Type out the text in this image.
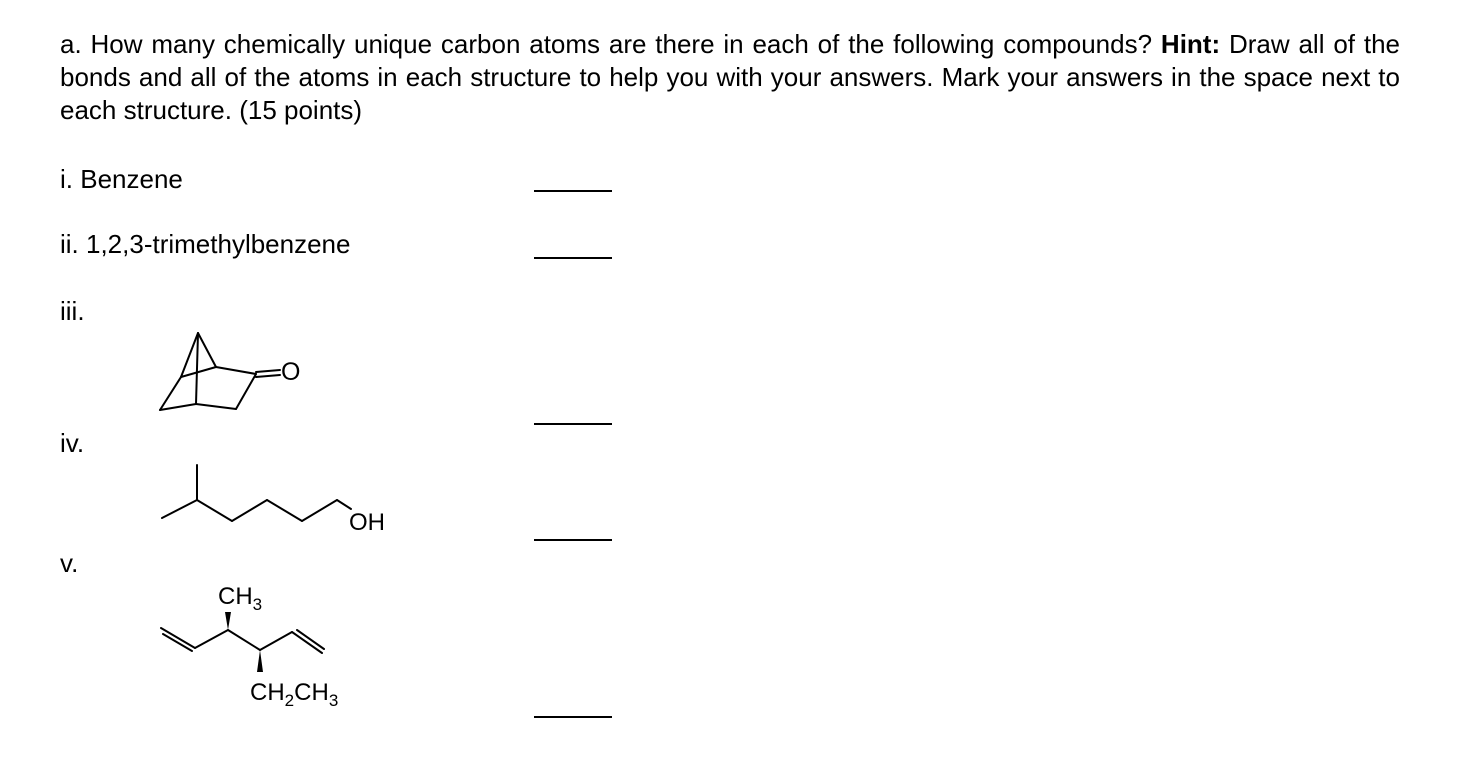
a. How many chemically unique carbon atoms are there in each of the following compounds? Hint: Draw all of the bonds and all of the atoms in each structure to help you with your answers. Mark your answers in the space next to each structure. (15 points)
i. Benzene
ii. 1,2,3-trimethylbenzene
iii.
iv.
v.
O
OH
$CH_3$
$CH_2CH_3$
